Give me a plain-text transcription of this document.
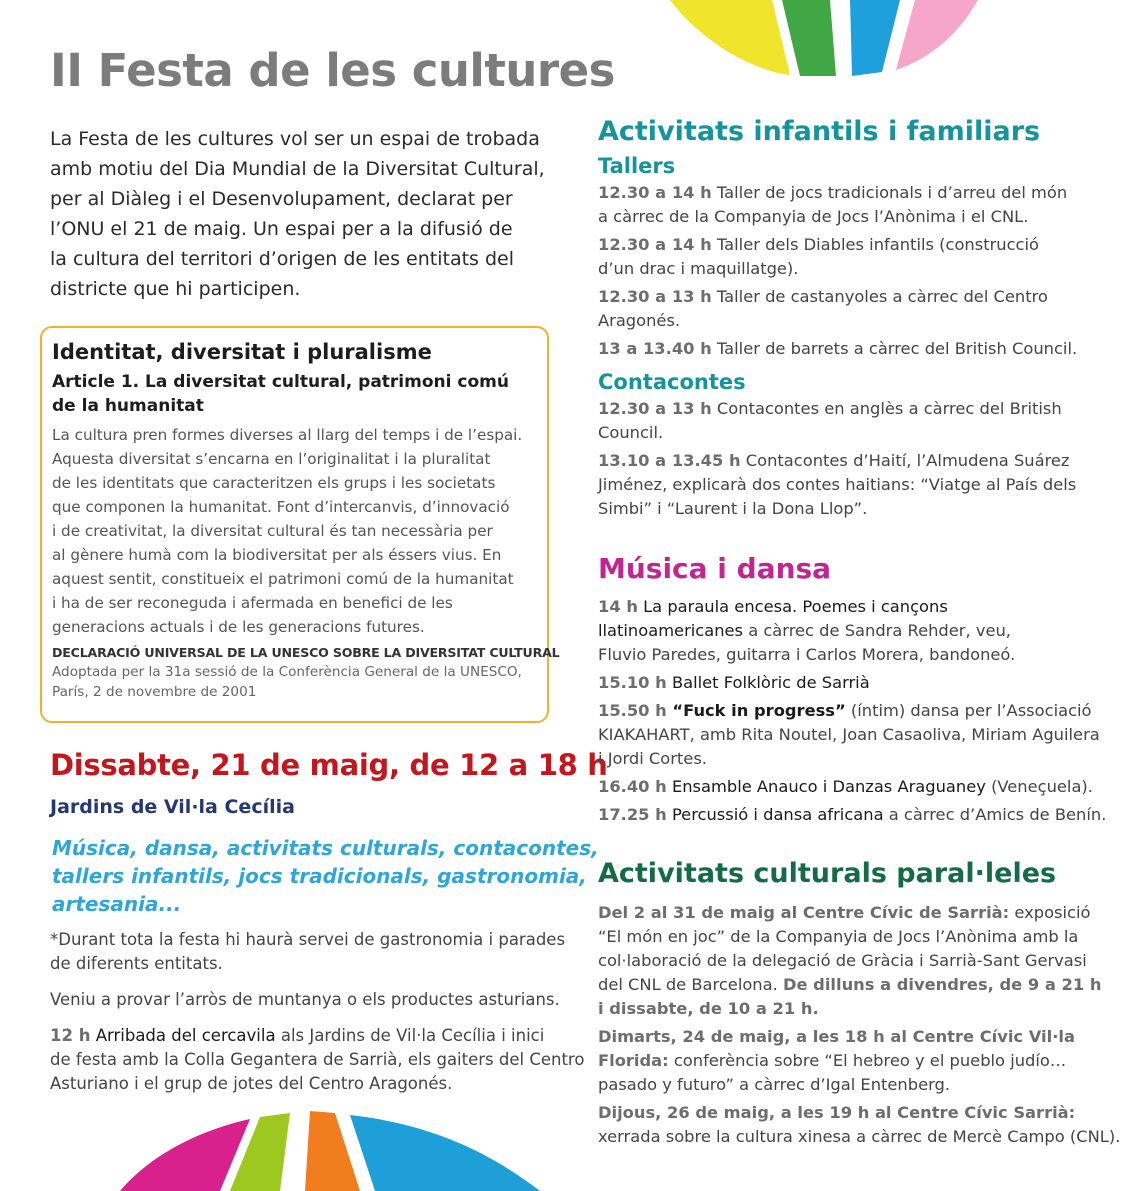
II Festa de les cultures

La Festa de les cultures vol ser un espai de trobada

amb motiu del Dia Mundial de la Diversitat Cultural,

per al Diàleg i el Desenvolupament, declarat per

l’ONU el 21 de maig. Un espai per a la difusió de

la cultura del territori d’origen de les entitats del

districte que hi participen.

Identitat, diversitat i pluralisme
Article 1. La diversitat cultural, patrimoni comú
de la humanitat
La cultura pren formes diverses al llarg del temps i de l’espai.
Aquesta diversitat s’encarna en l’originalitat i la pluralitat
de les identitats que caracteritzen els grups i les societats
que componen la humanitat. Font d’intercanvis, d’innovació
i de creativitat, la diversitat cultural és tan necessària per
al gènere humà com la biodiversitat per als éssers vius. En
aquest sentit, constitueix el patrimoni comú de la humanitat
i ha de ser reconeguda i afermada en benefici de les
generacions actuals i de les generacions futures.
DECLARACIÓ UNIVERSAL DE LA UNESCO SOBRE LA DIVERSITAT CULTURAL
Adoptada per la 31a sessió de la Conferència General de la UNESCO,
París, 2 de novembre de 2001
Dissabte, 21 de maig, de 12 a 18 h
Jardins de Vil·la Cecília
Música, dansa, activitats culturals, contacontes,
tallers infantils, jocs tradicionals, gastronomia,
artesania...
*Durant tota la festa hi haurà servei de gastronomia i parades
de diferents entitats.
Veniu a provar l’arròs de muntanya o els productes asturians.
12 h Arribada del cercavila als Jardins de Vil·la Cecília i inici
de festa amb la Colla Gegantera de Sarrià, els gaiters del Centro
Asturiano i el grup de jotes del Centro Aragonés.
Activitats infantils i familiars
Tallers
12.30 a 14 h Taller de jocs tradicionals i d’arreu del món
a càrrec de la Companyia de Jocs l’Anònima i el CNL.
12.30 a 14 h Taller dels Diables infantils (construcció
d’un drac i maquillatge).
12.30 a 13 h Taller de castanyoles a càrrec del Centro
Aragonés.
13 a 13.40 h Taller de barrets a càrrec del British Council.
Contacontes
12.30 a 13 h Contacontes en anglès a càrrec del British
Council.
13.10 a 13.45 h Contacontes d’Haití, l’Almudena Suárez
Jiménez, explicarà dos contes haitians: “Viatge al País dels
Simbi” i “Laurent i la Dona Llop”.
Música i dansa
14 h La paraula encesa. Poemes i cançons
llatinoamericanes a càrrec de Sandra Rehder, veu,
Fluvio Paredes, guitarra i Carlos Morera, bandoneó.
15.10 h Ballet Folklòric de Sarrià
15.50 h “Fuck in progress” (íntim) dansa per l’Associació
KIAKAHART, amb Rita Noutel, Joan Casaoliva, Miriam Aguilera
i Jordi Cortes.
16.40 h Ensamble Anauco i Danzas Araguaney (Veneçuela).
17.25 h Percussió i dansa africana a càrrec d’Amics de Benín.
Activitats culturals paral·leles
Del 2 al 31 de maig al Centre Cívic de Sarrià: exposició
“El món en joc” de la Companyia de Jocs l’Anònima amb la
col·laboració de la delegació de Gràcia i Sarrià-Sant Gervasi
del CNL de Barcelona. De dilluns a divendres, de 9 a 21 h
i dissabte, de 10 a 21 h.
Dimarts, 24 de maig, a les 18 h al Centre Cívic Vil·la
Florida: conferència sobre “El hebreo y el pueblo judío…
pasado y futuro” a càrrec d’Igal Entenberg.
Dijous, 26 de maig, a les 19 h al Centre Cívic Sarrià:
xerrada sobre la cultura xinesa a càrrec de Mercè Campo (CNL).
